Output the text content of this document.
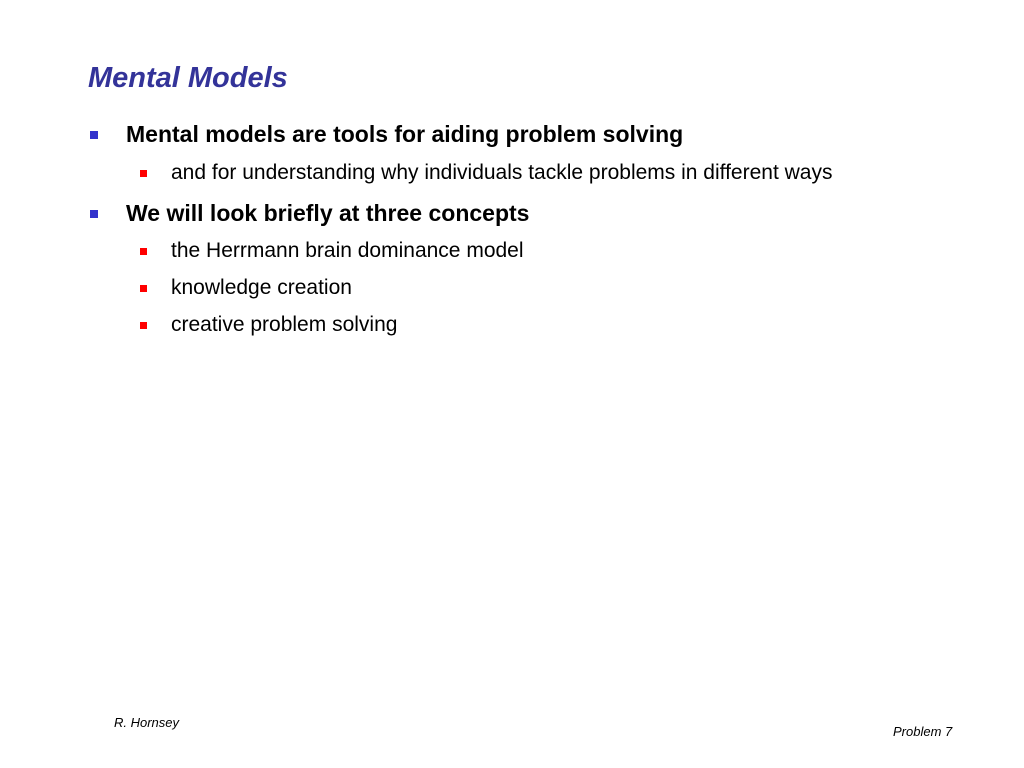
Mental Models
Mental models are tools for aiding problem solving
and for understanding why individuals tackle problems in different ways
We will look briefly at three concepts
the Herrmann brain dominance model
knowledge creation
creative problem solving
R. Hornsey
Problem 7
